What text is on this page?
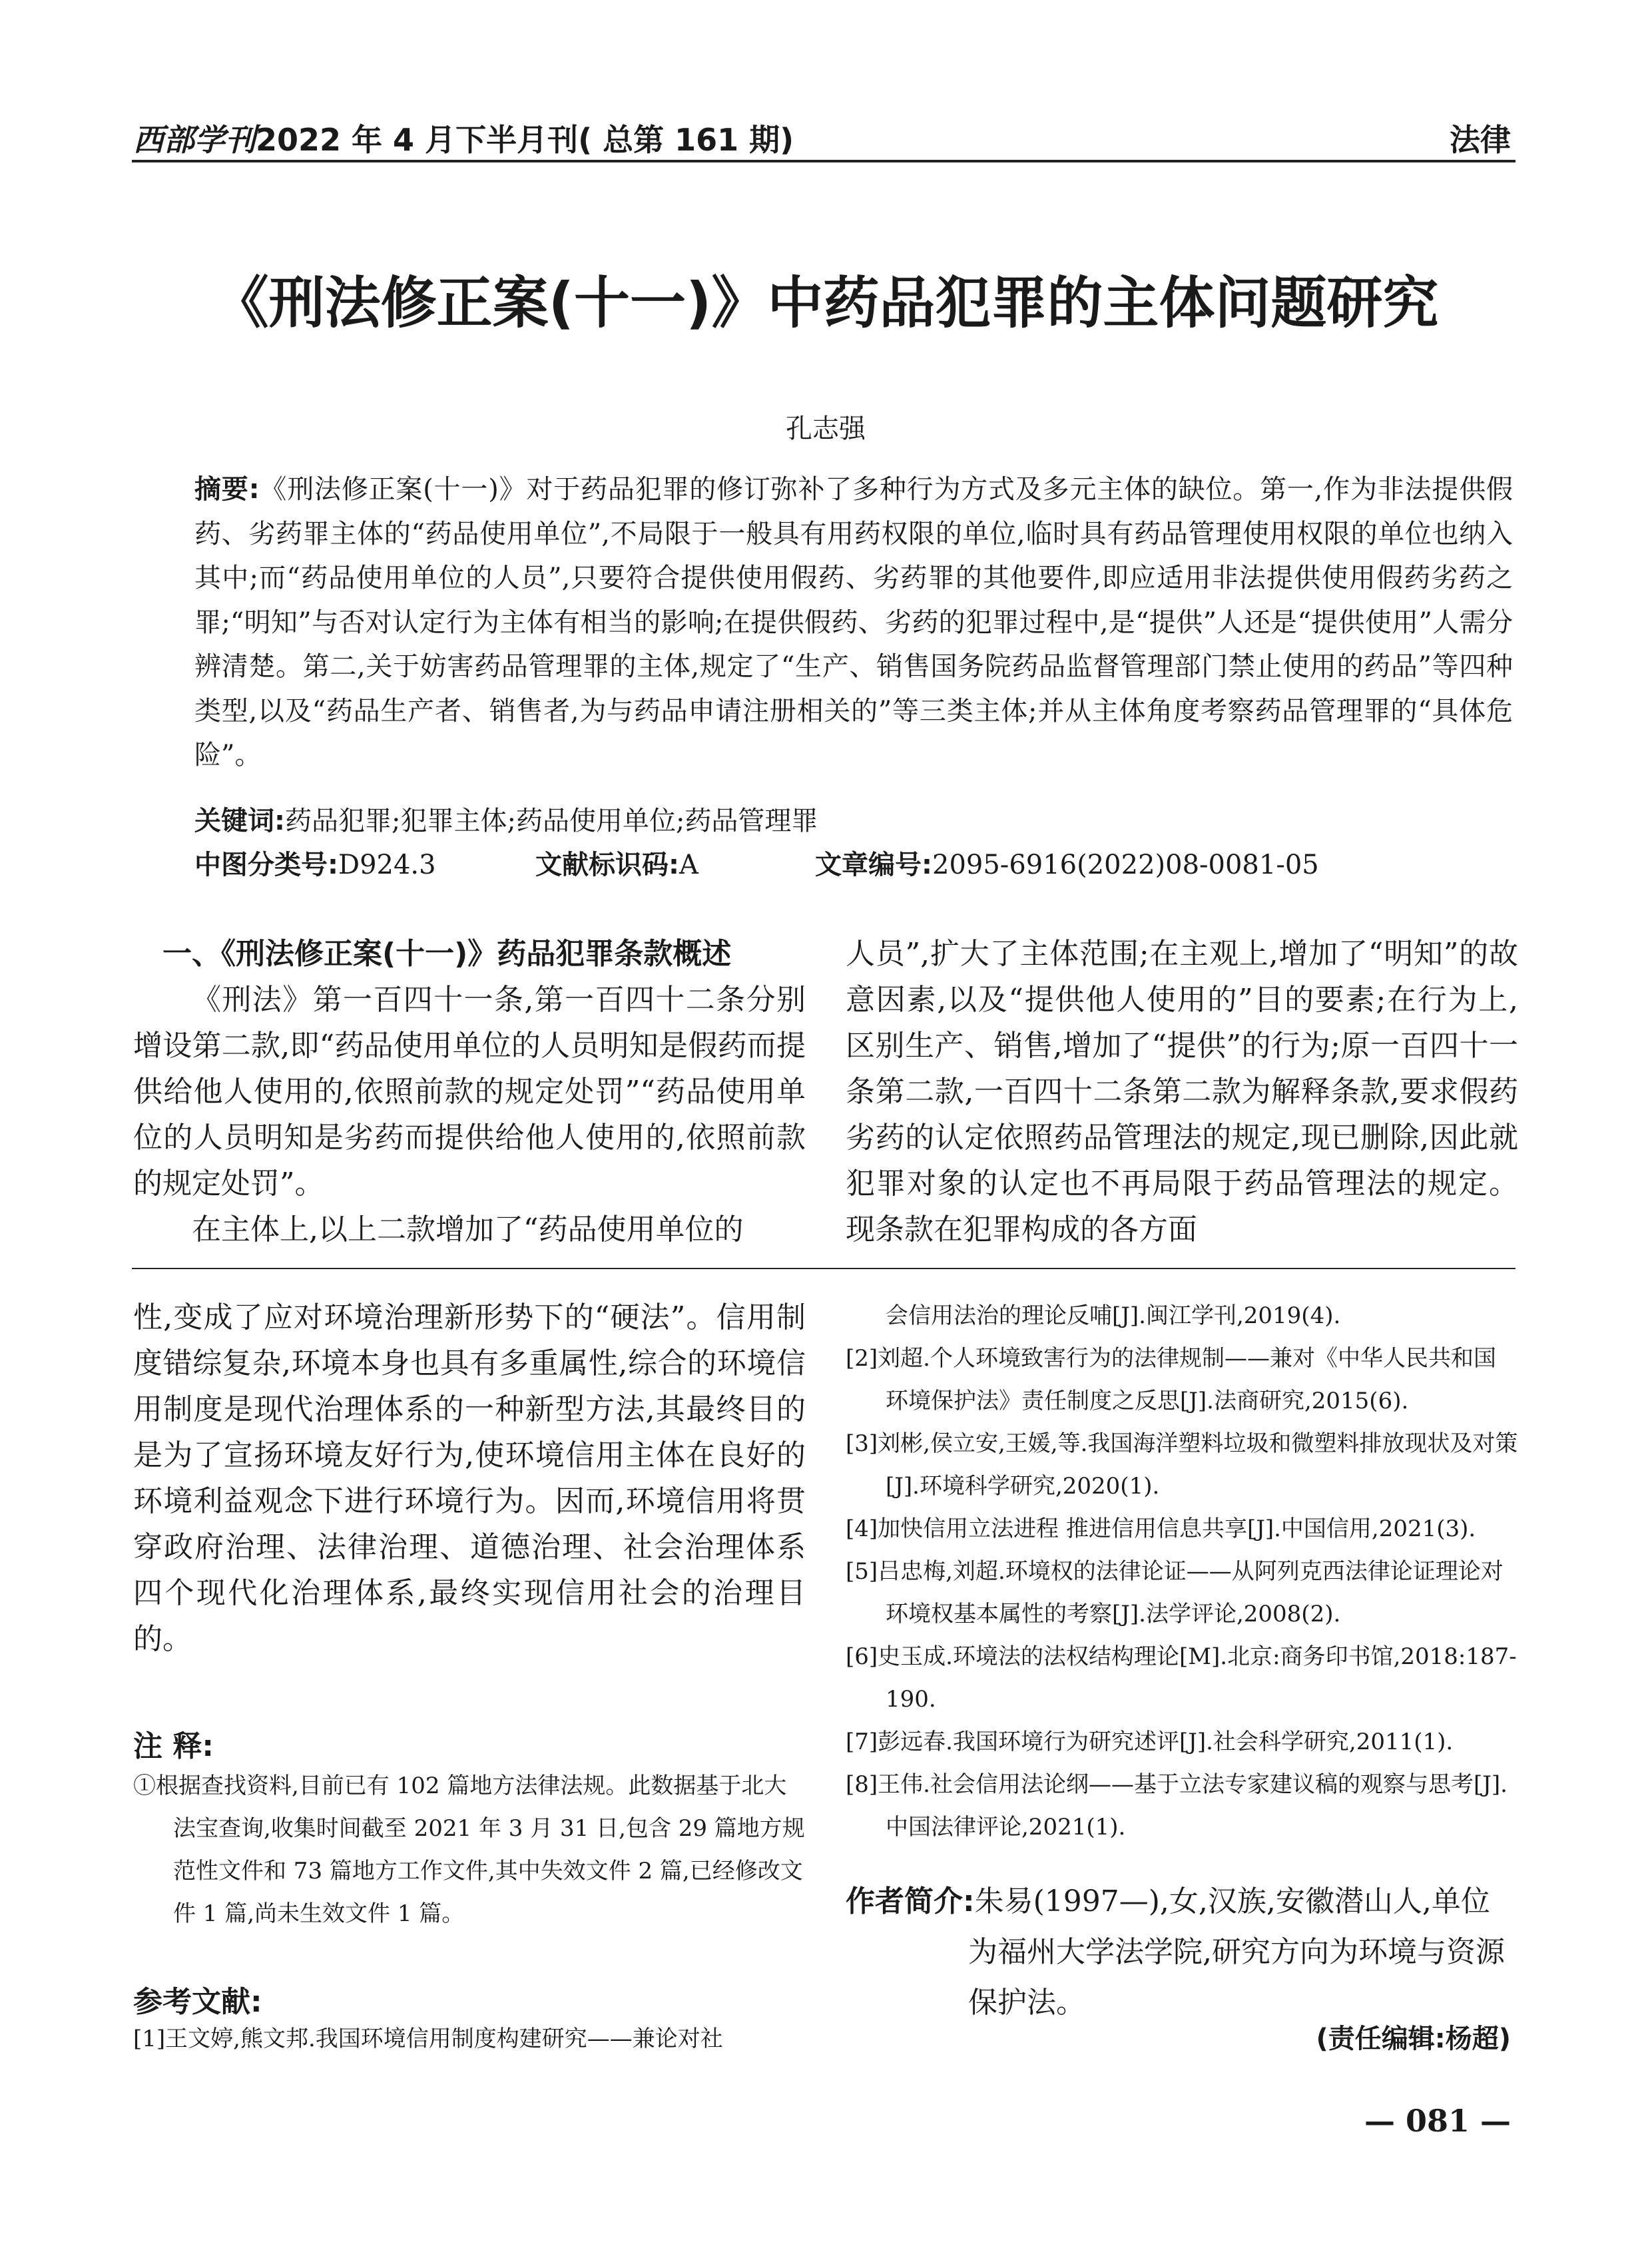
西部学刊2022 年 4 月下半月刊( 总第 161 期)	法律
《刑法修正案(十一)》中药品犯罪的主体问题研究
孔志强
摘要:《刑法修正案(十一)》对于药品犯罪的修订弥补了多种行为方式及多元主体的缺位。第一,作为非法提供假药、劣药罪主体的“药品使用单位”,不局限于一般具有用药权限的单位,临时具有药品管理使用权限的单位也纳入其中;而“药品使用单位的人员”,只要符合提供使用假药、劣药罪的其他要件,即应适用非法提供使用假药劣药之罪;“明知”与否对认定行为主体有相当的影响;在提供假药、劣药的犯罪过程中,是“提供”人还是“提供使用”人需分辨清楚。第二,关于妨害药品管理罪的主体,规定了“生产、销售国务院药品监督管理部门禁止使用的药品”等四种类型,以及“药品生产者、销售者,为与药品申请注册相关的”等三类主体;并从主体角度考察药品管理罪的“具体危险”。
关键词:药品犯罪;犯罪主体;药品使用单位;药品管理罪
中图分类号:D924.3	文献标识码:A	文章编号:2095-6916(2022)08-0081-05
一、《刑法修正案(十一)》药品犯罪条款概述

《刑法》第一百四十一条,第一百四十二条分别增设第二款,即“药品使用单位的人员明知是假药而提供给他人使用的,依照前款的规定处罚”“药品使用单位的人员明知是劣药而提供给他人使用的,依照前款的规定处罚”。

在主体上,以上二款增加了“药品使用单位的

人员”,扩大了主体范围;在主观上,增加了“明知”的故意因素,以及“提供他人使用的”目的要素;在行为上,区别生产、销售,增加了“提供”的行为;原一百四十一条第二款,一百四十二条第二款为解释条款,要求假药劣药的认定依照药品管理法的规定,现已删除,因此就犯罪对象的认定也不再局限于药品管理法的规定。现条款在犯罪构成的各方面

性,变成了应对环境治理新形势下的“硬法”。信用制度错综复杂,环境本身也具有多重属性,综合的环境信用制度是现代治理体系的一种新型方法,其最终目的是为了宣扬环境友好行为,使环境信用主体在良好的环境利益观念下进行环境行为。因而,环境信用将贯穿政府治理、法律治理、道德治理、社会治理体系四个现代化治理体系,最终实现信用社会的治理目的。

注 释:

①根据查找资料,目前已有 102 篇地方法律法规。此数据基于北大法宝查询,收集时间截至 2021 年 3 月 31 日,包含 29 篇地方规范性文件和 73 篇地方工作文件,其中失效文件 2 篇,已经修改文件 1 篇,尚未生效文件 1 篇。

参考文献:
[1]王文婷,熊文邦.我国环境信用制度构建研究——兼论对社

会信用法治的理论反哺[J].闽江学刊,2019(4).

[2]刘超.个人环境致害行为的法律规制——兼对《中华人民共和国环境保护法》责任制度之反思[J].法商研究,2015(6).

[3]刘彬,侯立安,王媛,等.我国海洋塑料垃圾和微塑料排放现状及对策[J].环境科学研究,2020(1).

[4]加快信用立法进程 推进信用信息共享[J].中国信用,2021(3).

[5]吕忠梅,刘超.环境权的法律论证——从阿列克西法律论证理论对环境权基本属性的考察[J].法学评论,2008(2).

[6]史玉成.环境法的法权结构理论[M].北京:商务印书馆,2018:187-190.

[7]彭远春.我国环境行为研究述评[J].社会科学研究,2011(1).

[8]王伟.社会信用法论纲——基于立法专家建议稿的观察与思考[J].中国法律评论,2021(1).

作者简介:朱易(1997—),女,汉族,安徽潜山人,单位为福州大学法学院,研究方向为环境与资源保护法。
(责任编辑:杨超)
— 081 —
